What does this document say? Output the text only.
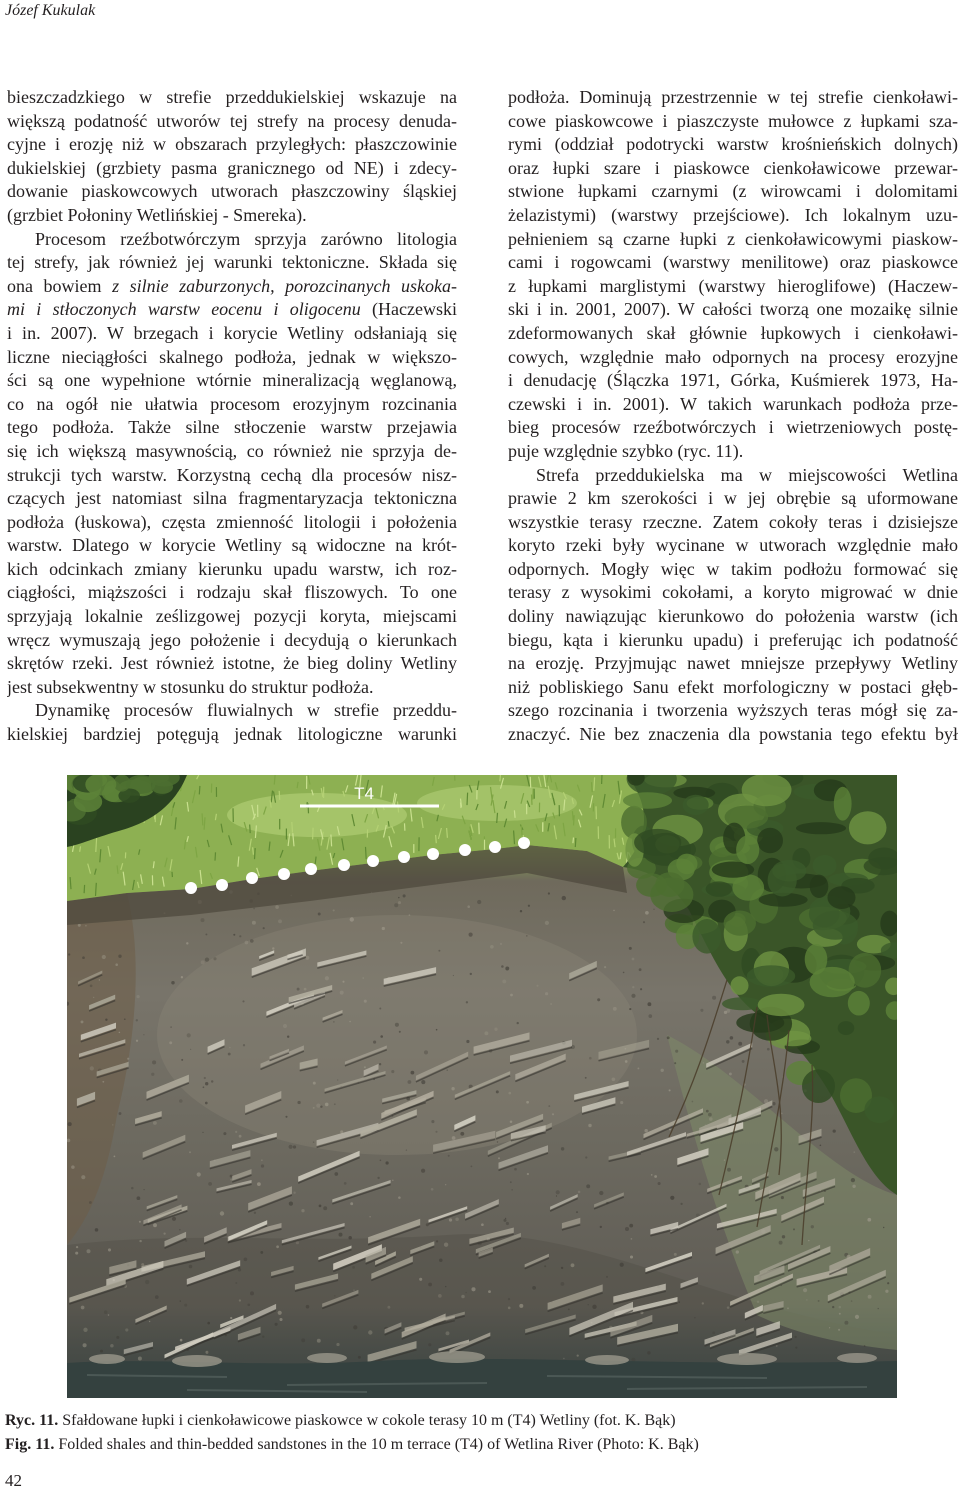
Józef Kukulak
bieszczadzkiego w strefie przeddukielskiej wskazuje na
większą podatność utworów tej strefy na procesy denuda-
cyjne i erozję niż w obszarach przyległych: płaszczowinie
dukielskiej (grzbiety pasma granicznego od NE) i zdecy-
dowanie piaskowcowych utworach płaszczowiny śląskiej
(grzbiet Połoniny Wetlińskiej - Smereka).
Procesom rzeźbotwórczym sprzyja zarówno litologia
tej strefy, jak również jej warunki tektoniczne. Składa się
ona bowiem z silnie zaburzonych, porozcinanych uskoka-
mi i stłoczonych warstw eocenu i oligocenu (Haczewski
i in. 2007). W brzegach i korycie Wetliny odsłaniają się
liczne nieciągłości skalnego podłoża, jednak w większo-
ści są one wypełnione wtórnie mineralizacją węglanową,
co na ogół nie ułatwia procesom erozyjnym rozcinania
tego podłoża. Także silne stłoczenie warstw przejawia
się ich większą masywnością, co również nie sprzyja de-
strukcji tych warstw. Korzystną cechą dla procesów nisz-
czących jest natomiast silna fragmentaryzacja tektoniczna
podłoża (łuskowa), częsta zmienność litologii i położenia
warstw. Dlatego w korycie Wetliny są widoczne na krót-
kich odcinkach zmiany kierunku upadu warstw, ich roz-
ciągłości, miąższości i rodzaju skał fliszowych. To one
sprzyjają lokalnie ześlizgowej pozycji koryta, miejscami
wręcz wymuszają jego położenie i decydują o kierunkach
skrętów rzeki. Jest również istotne, że bieg doliny Wetliny
jest subsekwentny w stosunku do struktur podłoża.
Dynamikę procesów fluwialnych w strefie przeddu-
kielskiej bardziej potęgują jednak litologiczne warunki
podłoża. Dominują przestrzennie w tej strefie cienkoławi-
cowe piaskowcowe i piaszczyste mułowce z łupkami sza-
rymi (oddział podotrycki warstw krośnieńskich dolnych)
oraz łupki szare i piaskowce cienkoławicowe przewar-
stwione łupkami czarnymi (z wirowcami i dolomitami
żelazistymi) (warstwy przejściowe). Ich lokalnym uzu-
pełnieniem są czarne łupki z cienkoławicowymi piaskow-
cami i rogowcami (warstwy menilitowe) oraz piaskowce
z łupkami marglistymi (warstwy hieroglifowe) (Haczew-
ski i in. 2001, 2007). W całości tworzą one mozaikę silnie
zdeformowanych skał głównie łupkowych i cienkoławi-
cowych, względnie mało odpornych na procesy erozyjne
i denudację (Ślączka 1971, Górka, Kuśmierek 1973, Ha-
czewski i in. 2001). W takich warunkach podłoża prze-
bieg procesów rzeźbotwórczych i wietrzeniowych postę-
puje względnie szybko (ryc. 11).
Strefa przeddukielska ma w miejscowości Wetlina
prawie 2 km szerokości i w jej obrębie są uformowane
wszystkie terasy rzeczne. Zatem cokoły teras i dzisiejsze
koryto rzeki były wycinane w utworach względnie mało
odpornych. Mogły więc w takim podłożu formować się
terasy z wysokimi cokołami, a koryto migrować w dnie
doliny nawiązując kierunkowo do położenia warstw (ich
biegu, kąta i kierunku upadu) i preferując ich podatność
na erozję. Przyjmując nawet mniejsze przepływy Wetliny
niż pobliskiego Sanu efekt morfologiczny w postaci głęb-
szego rozcinania i tworzenia wyższych teras mógł się za-
znaczyć. Nie bez znaczenia dla powstania tego efektu był
T4
Ryc. 11. Sfałdowane łupki i cienkoławicowe piaskowce w cokole terasy 10 m (T4) Wetliny (fot. K. Bąk)
Fig. 11. Folded shales and thin-bedded sandstones in the 10 m terrace (T4) of Wetlina River (Photo: K. Bąk)
42
